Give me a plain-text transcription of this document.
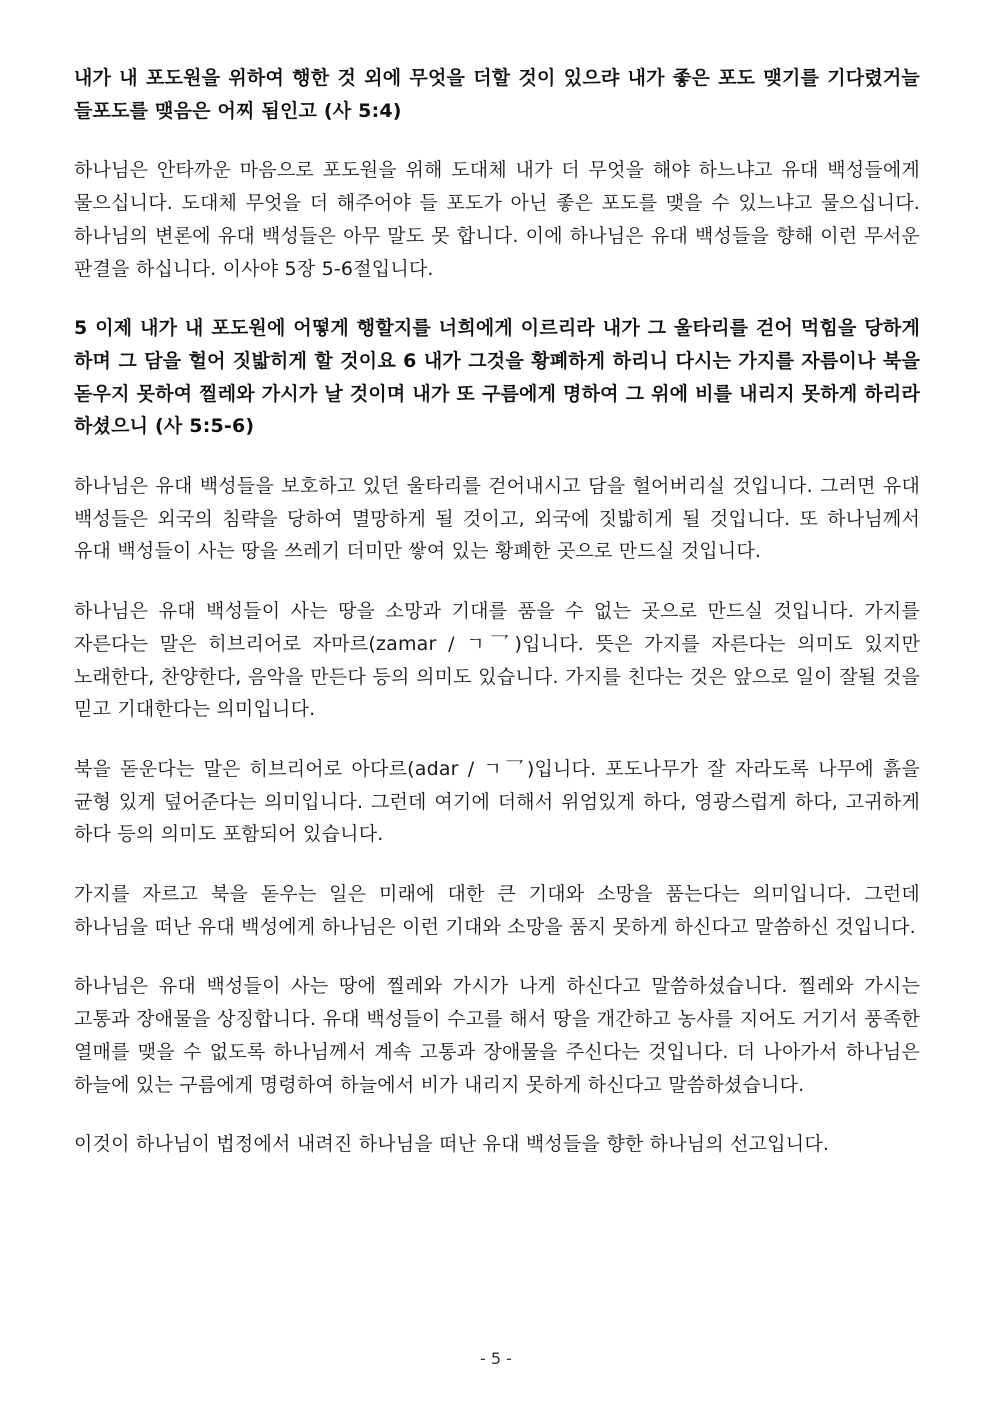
내가 내 포도원을 위하여 행한 것 외에 무엇을 더할 것이 있으랴 내가 좋은 포도 맺기를 기다렸거늘 들포도를 맺음은 어찌 됨인고 (사 5:4)

하나님은 안타까운 마음으로 포도원을 위해 도대체 내가 더 무엇을 해야 하느냐고 유대 백성들에게 물으십니다. 도대체 무엇을 더 해주어야 들 포도가 아닌 좋은 포도를 맺을 수 있느냐고 물으십니다. 하나님의 변론에 유대 백성들은 아무 말도 못 합니다. 이에 하나님은 유대 백성들을 향해 이런 무서운 판결을 하십니다. 이사야 5장 5-6절입니다.

5 이제 내가 내 포도원에 어떻게 행할지를 너희에게 이르리라 내가 그 울타리를 걷어 먹힘을 당하게 하며 그 담을 헐어 짓밟히게 할 것이요 6 내가 그것을 황폐하게 하리니 다시는 가지를 자름이나 북을 돋우지 못하여 찔레와 가시가 날 것이며 내가 또 구름에게 명하여 그 위에 비를 내리지 못하게 하리라 하셨으니 (사 5:5-6)

하나님은 유대 백성들을 보호하고 있던 울타리를 걷어내시고 담을 헐어버리실 것입니다. 그러면 유대 백성들은 외국의 침략을 당하여 멸망하게 될 것이고, 외국에 짓밟히게 될 것입니다. 또 하나님께서 유대 백성들이 사는 땅을 쓰레기 더미만 쌓여 있는 황폐한 곳으로 만드실 것입니다.

하나님은 유대 백성들이 사는 땅을 소망과 기대를 품을 수 없는 곳으로 만드실 것입니다. 가지를 자른다는 말은 히브리어로 자마르(zamar / ㄱ乛)입니다. 뜻은 가지를 자른다는 의미도 있지만 노래한다, 찬양한다, 음악을 만든다 등의 의미도 있습니다. 가지를 친다는 것은 앞으로 일이 잘될 것을 믿고 기대한다는 의미입니다.

북을 돋운다는 말은 히브리어로 아다르(adar / ㄱ乛)입니다. 포도나무가 잘 자라도록 나무에 흙을 균형 있게 덮어준다는 의미입니다. 그런데 여기에 더해서 위엄있게 하다, 영광스럽게 하다, 고귀하게 하다 등의 의미도 포함되어 있습니다.

가지를 자르고 북을 돋우는 일은 미래에 대한 큰 기대와 소망을 품는다는 의미입니다. 그런데 하나님을 떠난 유대 백성에게 하나님은 이런 기대와 소망을 품지 못하게 하신다고 말씀하신 것입니다.

하나님은 유대 백성들이 사는 땅에 찔레와 가시가 나게 하신다고 말씀하셨습니다. 찔레와 가시는 고통과 장애물을 상징합니다. 유대 백성들이 수고를 해서 땅을 개간하고 농사를 지어도 거기서 풍족한 열매를 맺을 수 없도록 하나님께서 계속 고통과 장애물을 주신다는 것입니다. 더 나아가서 하나님은 하늘에 있는 구름에게 명령하여 하늘에서 비가 내리지 못하게 하신다고 말씀하셨습니다.

이것이 하나님이 법정에서 내려진 하나님을 떠난 유대 백성들을 향한 하나님의 선고입니다.

- 5 -
